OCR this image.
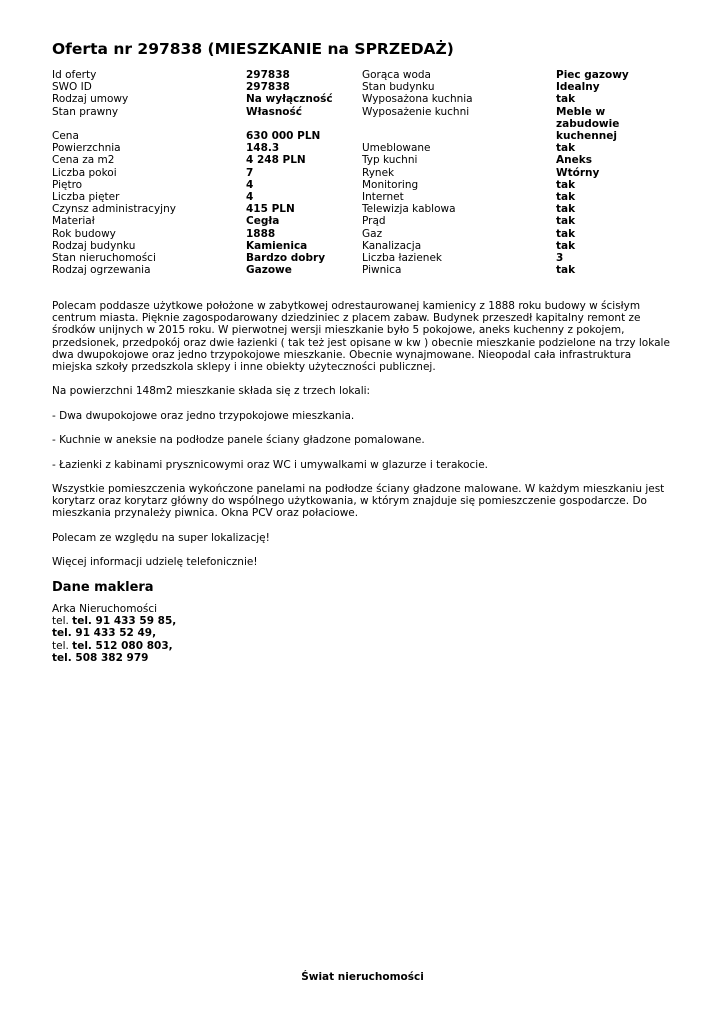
Oferta nr 297838 (MIESZKANIE na SPRZEDAŻ)
Id oferty	297838	Gorąca woda	Piec gazowy
SWO ID	297838	Stan budynku	Idealny
Rodzaj umowy	Na wyłączność	Wyposażona kuchnia	tak
Stan prawny	Własność	Wyposażenie kuchni	Meble w zabudowie
Cena	630 000 PLN		kuchennej
Powierzchnia	148.3	Umeblowane	tak
Cena za m2	4 248 PLN	Typ kuchni	Aneks
Liczba pokoi	7	Rynek	Wtórny
Piętro	4	Monitoring	tak
Liczba pięter	4	Internet	tak
Czynsz administracyjny	415 PLN	Telewizja kablowa	tak
Materiał	Cegła	Prąd	tak
Rok budowy	1888	Gaz	tak
Rodzaj budynku	Kamienica	Kanalizacja	tak
Stan nieruchomości	Bardzo dobry	Liczba łazienek	3
Rodzaj ogrzewania	Gazowe	Piwnica	tak

Polecam poddasze użytkowe położone w zabytkowej odrestaurowanej kamienicy z 1888 roku budowy w ścisłym centrum miasta. Pięknie zagospodarowany dziedziniec z placem zabaw. Budynek przeszedł kapitalny remont ze środków unijnych w 2015 roku. W pierwotnej wersji mieszkanie było 5 pokojowe, aneks kuchenny z pokojem, przedsionek, przedpokój oraz dwie łazienki ( tak też jest opisane w kw ) obecnie mieszkanie podzielone na trzy lokale dwa dwupokojowe oraz jedno trzypokojowe mieszkanie. Obecnie wynajmowane. Nieopodal cała infrastruktura miejska szkoły przedszkola sklepy i inne obiekty użyteczności publicznej.

Na powierzchni 148m2 mieszkanie składa się z trzech lokali:

- Dwa dwupokojowe oraz jedno trzypokojowe mieszkania.

- Kuchnie w aneksie na podłodze panele ściany gładzone pomalowane.

- Łazienki z kabinami prysznicowymi oraz WC i umywalkami w glazurze i terakocie.

Wszystkie pomieszczenia wykończone panelami na podłodze ściany gładzone malowane. W każdym mieszkaniu jest korytarz oraz korytarz główny do wspólnego użytkowania, w którym znajduje się pomieszczenie gospodarcze. Do mieszkania przynależy piwnica. Okna PCV oraz połaciowe.

Polecam ze względu na super lokalizację!

Więcej informacji udzielę telefonicznie!

Dane maklera
Arka Nieruchomości
tel. tel. 91 433 59 85,
tel. 91 433 52 49,
tel. tel. 512 080 803,
tel. 508 382 979
Świat nieruchomości
